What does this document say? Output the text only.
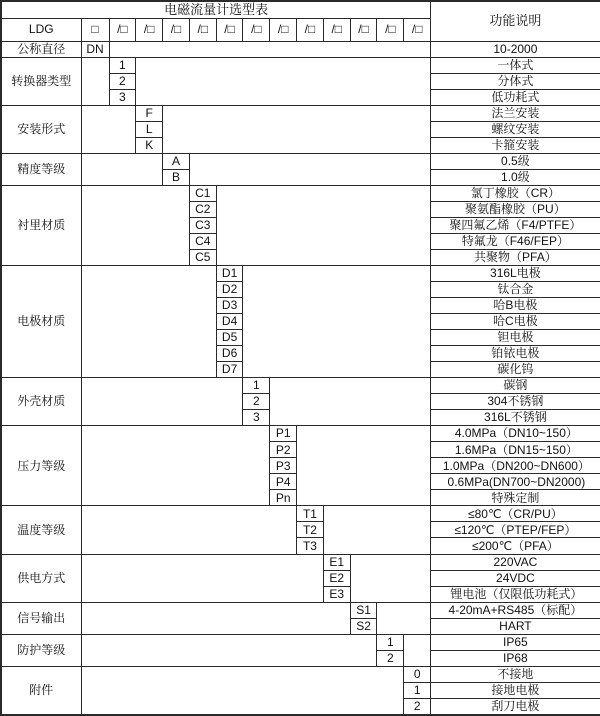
电磁流量计选型表														功能说明
LDG	□	/□	/□	/□	/□	/□	/□	/□	/□	/□	/□	/□	/□	
公称直径	DN													10-2000
转换器类型		1												一体式
		2												分体式
		3												低功耗式
安装形式			F											法兰安装
			L											螺纹安装
			K											卡箍安装
精度等级				A										0.5级
				B										1.0级
衬里材质					C1									氯丁橡胶（CR）
					C2									聚氨酯橡胶（PU）
					C3									聚四氟乙烯（F4/PTFE）
					C4									特氟龙（F46/FEP）
					C5									共聚物（PFA）
电极材质						D1								316L电极
						D2								钛合金
						D3								哈B电极
						D4								哈C电极
						D5								钽电极
						D6								铂铱电极
						D7								碳化钨
外壳材质							1							碳钢
							2							304不锈钢
							3							316L不锈钢
压力等级								P1						4.0MPa（DN10~150）
								P2						1.6MPa（DN15~150）
								P3						1.0MPa（DN200~DN600）
								P4						0.6MPa(DN700~DN2000)
								Pn						特殊定制
温度等级									T1					≤80℃（CR/PU）
									T2					≤120℃（PTEP/FEP）
									T3					≤200℃（PFA）
供电方式										E1				220VAC
										E2				24VDC
										E3				锂电池（仅限低功耗式）
信号输出											S1			4-20mA+RS485（标配）
											S2			HART
防护等级												1		IP65
												2		IP68
附件													0	不接地
													1	接地电极
													2	刮刀电极
